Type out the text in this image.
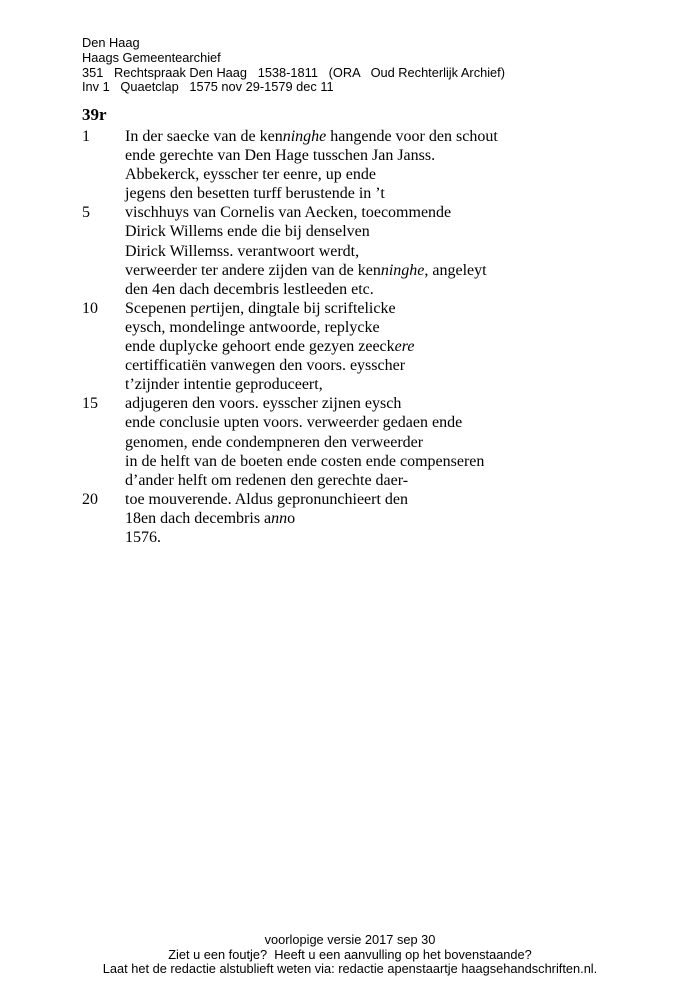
Den Haag
Haags Gemeentearchief
351   Rechtspraak Den Haag   1538-1811   (ORA   Oud Rechterlijk Archief)
Inv 1   Quaetclap   1575 nov 29-1579 dec 11
39r
1	In der saecke van de kenninghe hangende voor den schout
ende gerechte van Den Hage tusschen Jan Janss.
Abbekerck, eysscher ter eenre, up ende
jegens den besetten turff berustende in ’t
5	vischhuys van Cornelis van Aecken, toecommende
Dirick Willems ende die bij denselven
Dirick Willemss. verantwoort werdt,
verweerder ter andere zijden van de kenninghe, angeleyt
den 4en dach decembris lestleeden etc.
10	Scepenen pertijen, dingtale bij scriftelicke
eysch, mondelinge antwoorde, replycke
ende duplycke gehoort ende gezyen zeeckere
certifficatiën vanwegen den voors. eysscher
t’zijnder intentie geproduceert,
15	adjugeren den voors. eysscher zijnen eysch
ende conclusie upten voors. verweerder gedaen ende
genomen, ende condempneren den verweerder
in de helft van de boeten ende costen ende compenseren
d’ander helft om redenen den gerechte daer-
20	toe mouverende. Aldus gepronunchieert den
18en dach decembris anno
1576.
voorlopige versie 2017 sep 30
Ziet u een foutje?  Heeft u een aanvulling op het bovenstaande?
Laat het de redactie alstublieft weten via: redactie apenstaartje haagsehandschriften.nl.
